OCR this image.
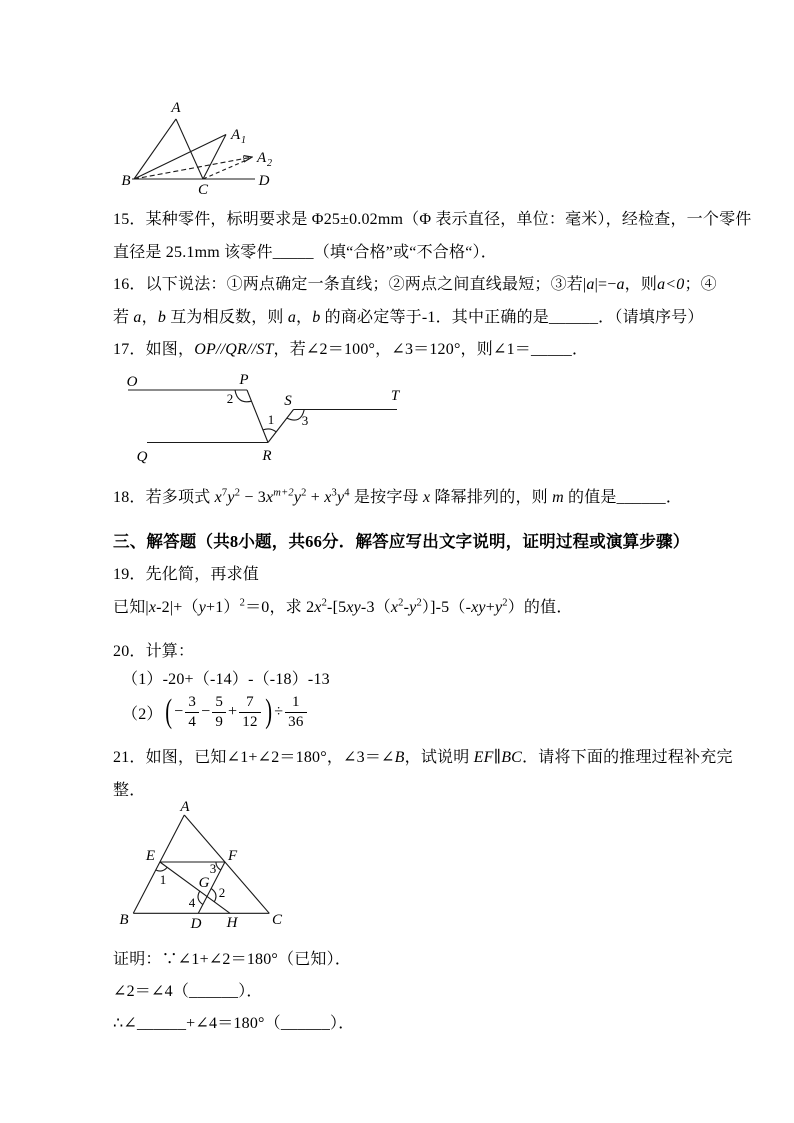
A
B
C
D
A 1
A 2
15．某种零件，标明要求是 Φ25±0.02mm（Φ 表示直径，单位：毫米），经检查，一个零件
直径是 25.1mm 该零件_____（填“合格”或“不合格“）．
16．以下说法：①两点确定一条直线；②两点之间直线最短；③若|a|=−a，则a<0；④
若 a，b 互为相反数，则 a，b 的商必定等于-1．其中正确的是______．（请填序号）
17．如图，OP//QR//ST，若∠2＝100°，∠3＝120°，则∠1＝_____．
O	P
Q	R
S	T
2
1 3
18．若多项式 $x^7y^2 - 3x^{m+2}y^2 + x^3y^4$ 是按字母 x 降幂排列的，则 m 的值是______．
三、解答题（共8小题，共66分．解答应写出文字说明，证明过程或演算步骤）
19．先化简，再求值
已知$|x-2|+(y+1)^2=0$，求 $2x^2-[5xy-3(x^2-y^2)]-5(-xy+y^2)$的值．
20．计算：
（1）-20+（-14）-（-18）-13
（2） ( − $\frac{3}{4} - \frac{5}{9} + \frac{7}{12}$ ) ÷ $\frac{1}{36}$
21．如图，已知∠1+∠2＝180°，∠3＝∠B，试说明 EF∥BC．请将下面的推理过程补充完
整．
A
B	C
D
E	F
G
H
1
3
2
4
证明：∵∠1+∠2＝180°（已知）．
∠2＝∠4（______）．
∴∠______+∠4＝180°（______）．
